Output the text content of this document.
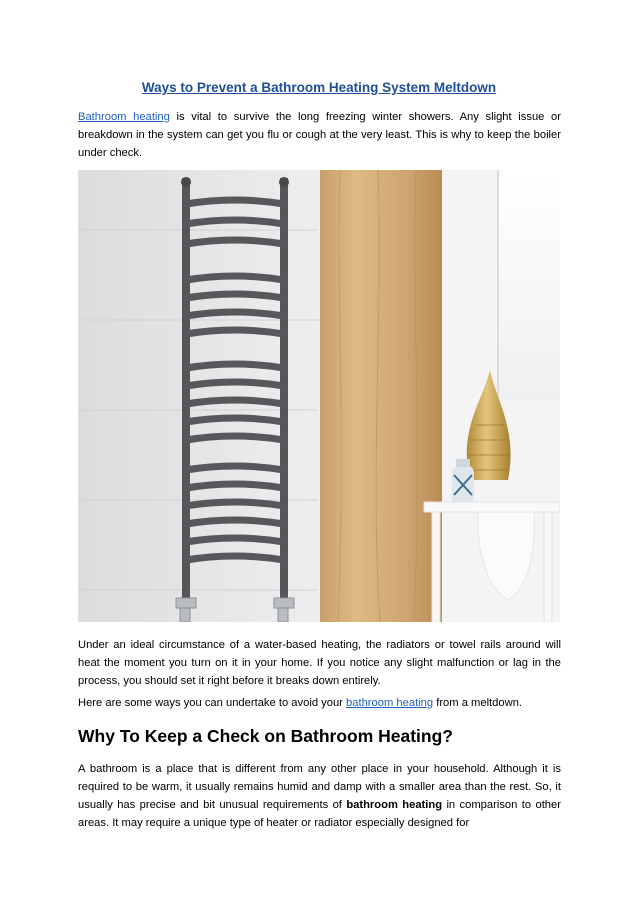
Ways to Prevent a Bathroom Heating System Meltdown
Bathroom heating is vital to survive the long freezing winter showers. Any slight issue or breakdown in the system can get you flu or cough at the very least. This is why to keep the boiler under check.
Under an ideal circumstance of a water-based heating, the radiators or towel rails around will heat the moment you turn on it in your home. If you notice any slight malfunction or lag in the process, you should set it right before it breaks down entirely.
Here are some ways you can undertake to avoid your bathroom heating from a meltdown.
Why To Keep a Check on Bathroom Heating?
A bathroom is a place that is different from any other place in your household. Although it is required to be warm, it usually remains humid and damp with a smaller area than the rest. So, it usually has precise and bit unusual requirements of bathroom heating in comparison to other areas. It may require a unique type of heater or radiator especially designed for
